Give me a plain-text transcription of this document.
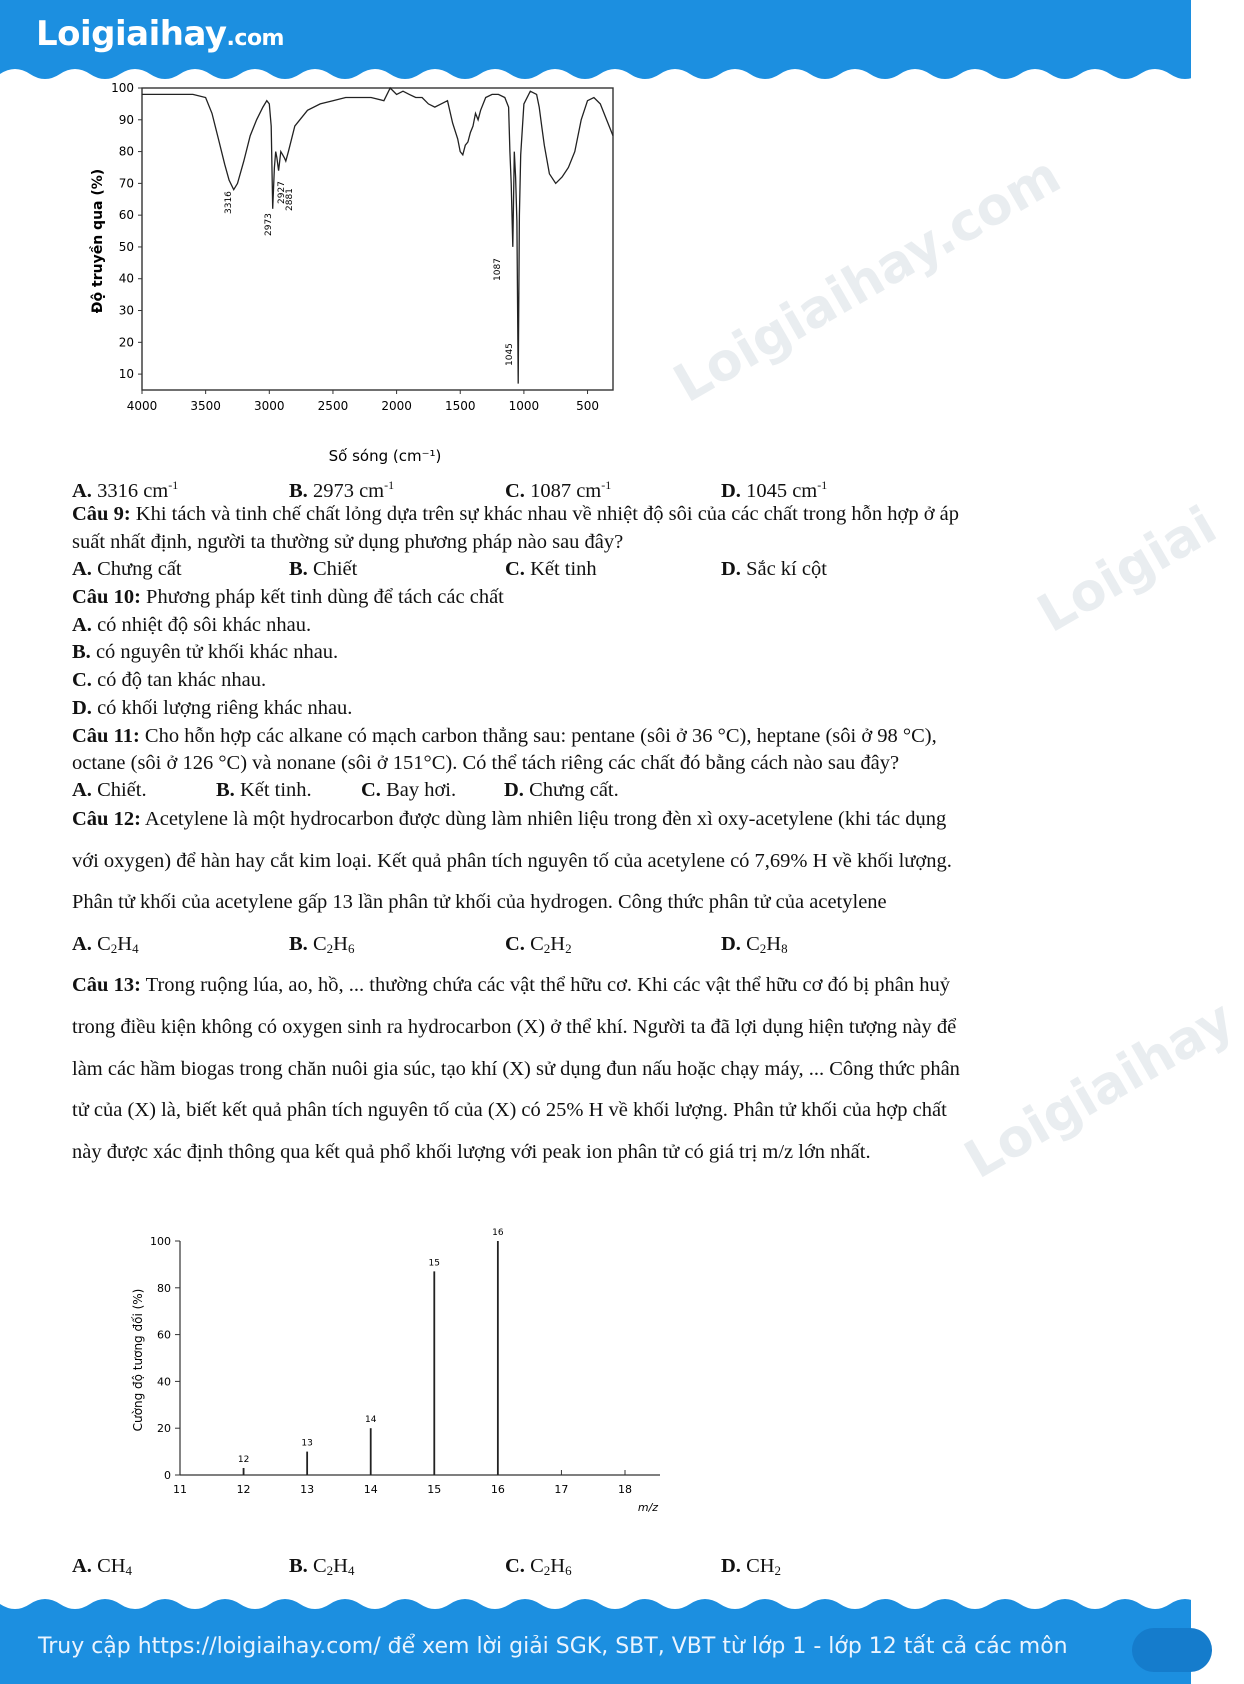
Loigiaihay.com
Loigiaihay.com
Loigiai
Loigiaihay
100
90
80
70
60
50
40
30
20
10
4000	3500	3000	2500	2000	1500	1000	500
Độ truyền qua (%)
Số sóng (cm⁻¹)
3316
2973
2927
2881
1087
1045
A. 3316 $cm^{-1}$	B. 2973 $cm^{-1}$	C. 1087 $cm^{-1}$	D. 1045 $cm^{-1}$
Câu 9: Khi tách và tinh chế chất lỏng dựa trên sự khác nhau về nhiệt độ sôi của các chất trong hỗn hợp ở áp
suất nhất định, người ta thường sử dụng phương pháp nào sau đây?
A. Chưng cất	B. Chiết	C. Kết tinh	D. Sắc kí cột
Câu 10: Phương pháp kết tinh dùng để tách các chất
A. có nhiệt độ sôi khác nhau.
B. có nguyên tử khối khác nhau.
C. có độ tan khác nhau.
D. có khối lượng riêng khác nhau.
Câu 11: Cho hỗn hợp các alkane có mạch carbon thẳng sau: pentane (sôi ở 36 °C), heptane (sôi ở 98 °C),
octane (sôi ở 126 °C) và nonane (sôi ở 151°C). Có thể tách riêng các chất đó bằng cách nào sau đây?
A. Chiết.	B. Kết tinh. C. Bay hơi. D. Chưng cất.
Câu 12: Acetylene là một hydrocarbon được dùng làm nhiên liệu trong đèn xì oxy-acetylene (khi tác dụng
với oxygen) để hàn hay cắt kim loại. Kết quả phân tích nguyên tố của acetylene có 7,69% H về khối lượng.
Phân tử khối của acetylene gấp 13 lần phân tử khối của hydrogen. Công thức phân tử của acetylene
A. $C_2H_4$	B. $C_2H_6$	C. $C_2H_2$	D. $C_2H_8$
Câu 13: Trong ruộng lúa, ao, hồ, ... thường chứa các vật thể hữu cơ. Khi các vật thể hữu cơ đó bị phân huỷ
trong điều kiện không có oxygen sinh ra hydrocarbon (X) ở thể khí. Người ta đã lợi dụng hiện tượng này để
làm các hầm biogas trong chăn nuôi gia súc, tạo khí (X) sử dụng đun nấu hoặc chạy máy, ... Công thức phân
tử của (X) là, biết kết quả phân tích nguyên tố của (X) có 25% H về khối lượng. Phân tử khối của hợp chất
này được xác định thông qua kết quả phổ khối lượng với peak ion phân tử có giá trị m/z lớn nhất.
100
80
60
40
20
0
11	12	13	14	15	16	17	18
12
13
14
15
16
Cường độ tương đối (%)
m/z
A. $CH_4$	B. $C_2H_4$	C. $C_2H_6$	D. $CH_2$
Truy cập https://loigiaihay.com/ để xem lời giải SGK, SBT, VBT từ lớp 1 - lớp 12 tất cả các môn
